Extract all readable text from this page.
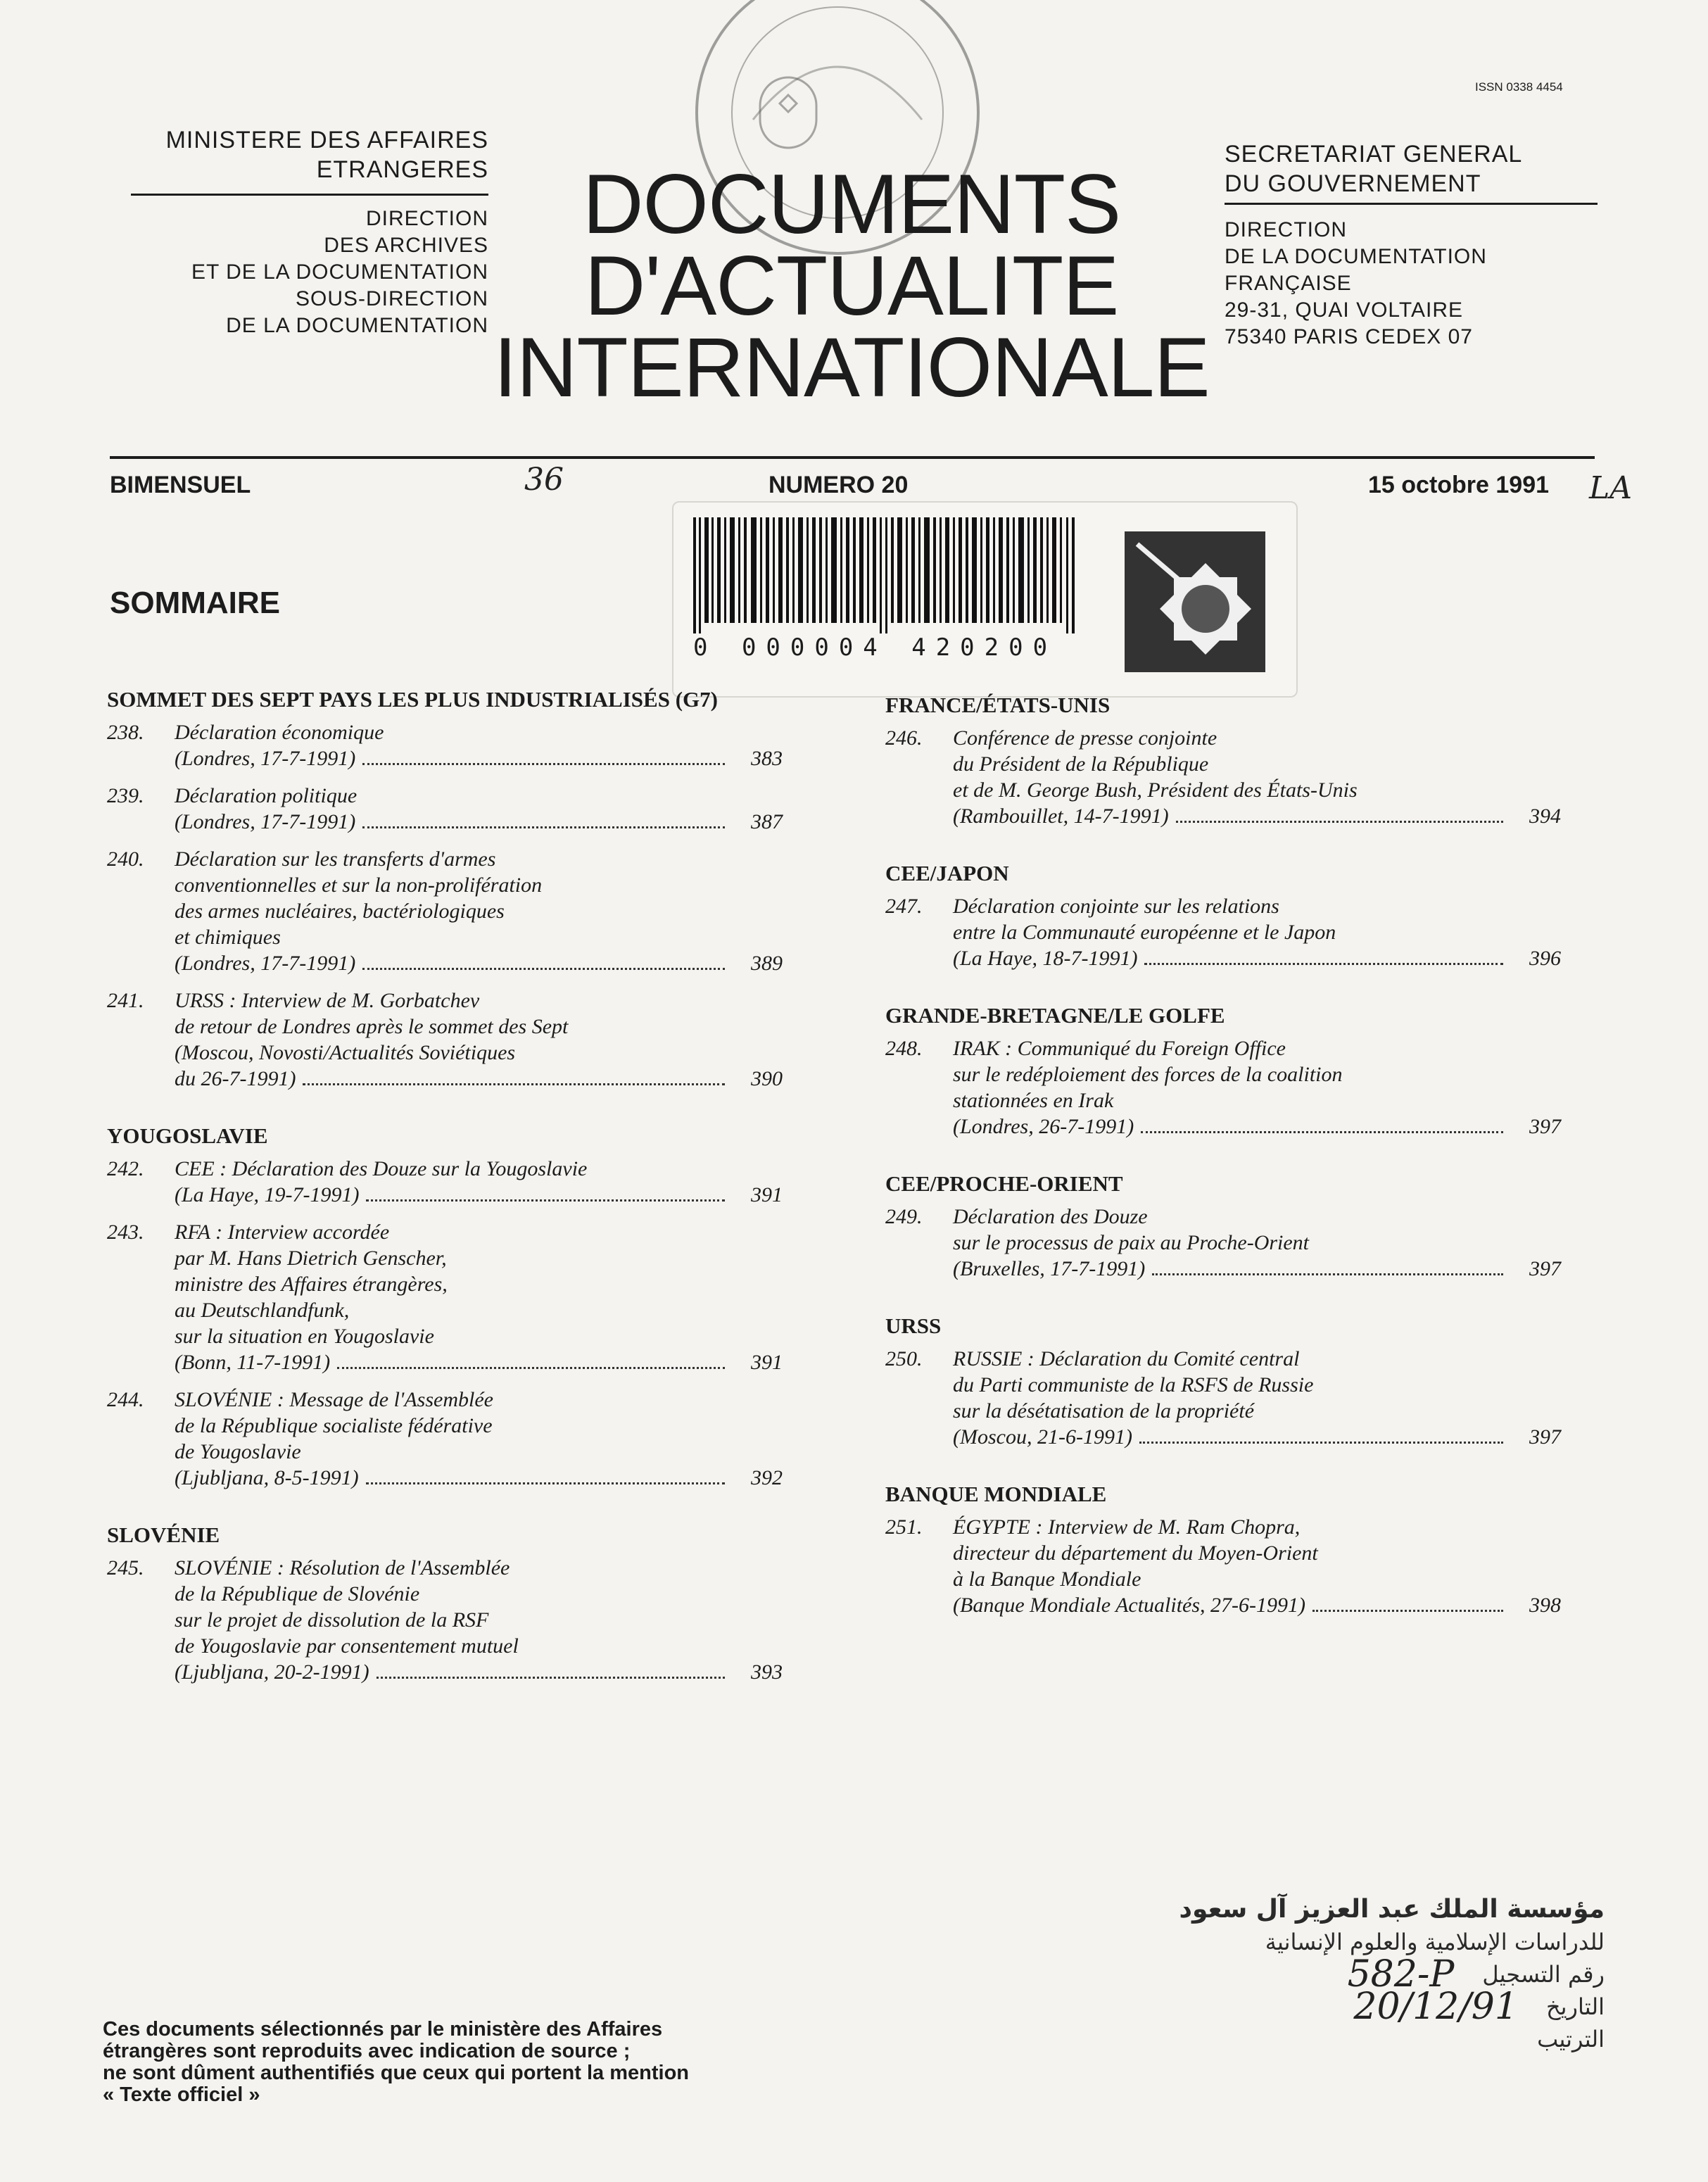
MINISTERE DES AFFAIRES
ETRANGERES
DIRECTION
DES ARCHIVES
ET DE LA DOCUMENTATION
SOUS-DIRECTION
DE LA DOCUMENTATION
ISSN 0338 4454
SECRETARIAT GENERAL
DU GOUVERNEMENT
DIRECTION
DE LA DOCUMENTATION
FRANÇAISE
29-31, QUAI VOLTAIRE
75340 PARIS CEDEX 07
DOCUMENTS
D'ACTUALITE
INTERNATIONALE
BIMENSUEL	36	NUMERO 20	15 octobre 1991 LA
0 000004 420200
SOMMAIRE
SOMMET DES SEPT PAYS LES PLUS INDUSTRIALISÉS (G7)
238.	Déclaration économique
(Londres, 17-7-1991)	383
239.	Déclaration politique
(Londres, 17-7-1991)	387
240.	Déclaration sur les transferts d'armes
conventionnelles et sur la non-prolifération
des armes nucléaires, bactériologiques
et chimiques
(Londres, 17-7-1991)	389
241.	URSS : Interview de M. Gorbatchev
de retour de Londres après le sommet des Sept
(Moscou, Novosti/Actualités Soviétiques
du 26-7-1991)	390
YOUGOSLAVIE
242.	CEE : Déclaration des Douze sur la Yougoslavie
(La Haye, 19-7-1991)	391
243.	RFA : Interview accordée
par M. Hans Dietrich Genscher,
ministre des Affaires étrangères,
au Deutschlandfunk,
sur la situation en Yougoslavie
(Bonn, 11-7-1991)	391
244.	SLOVÉNIE : Message de l'Assemblée
de la République socialiste fédérative
de Yougoslavie
(Ljubljana, 8-5-1991)	392
SLOVÉNIE
245.	SLOVÉNIE : Résolution de l'Assemblée
de la République de Slovénie
sur le projet de dissolution de la RSF
de Yougoslavie par consentement mutuel
(Ljubljana, 20-2-1991)	393
FRANCE/ÉTATS-UNIS
246.	Conférence de presse conjointe
du Président de la République
et de M. George Bush, Président des États-Unis
(Rambouillet, 14-7-1991)	394
CEE/JAPON
247.	Déclaration conjointe sur les relations
entre la Communauté européenne et le Japon
(La Haye, 18-7-1991)	396
GRANDE-BRETAGNE/LE GOLFE
248.	IRAK : Communiqué du Foreign Office
sur le redéploiement des forces de la coalition
stationnées en Irak
(Londres, 26-7-1991)	397
CEE/PROCHE-ORIENT
249.	Déclaration des Douze
sur le processus de paix au Proche-Orient
(Bruxelles, 17-7-1991)	397
URSS
250.	RUSSIE : Déclaration du Comité central
du Parti communiste de la RSFS de Russie
sur la désétatisation de la propriété
(Moscou, 21-6-1991)	397
BANQUE MONDIALE
251.	ÉGYPTE : Interview de M. Ram Chopra,
directeur du département du Moyen-Orient
à la Banque Mondiale
(Banque Mondiale Actualités, 27-6-1991)	398
Ces documents sélectionnés par le ministère des Affaires
étrangères sont reproduits avec indication de source ;
ne sont dûment authentifiés que ceux qui portent la mention
« Texte officiel »
مؤسسة الملك عبد العزيز آل سعود
للدراسات الإسلامية والعلوم الإنسانية
رقم التسجيل
582-P
التاريخ
20/12/91
الترتيب
